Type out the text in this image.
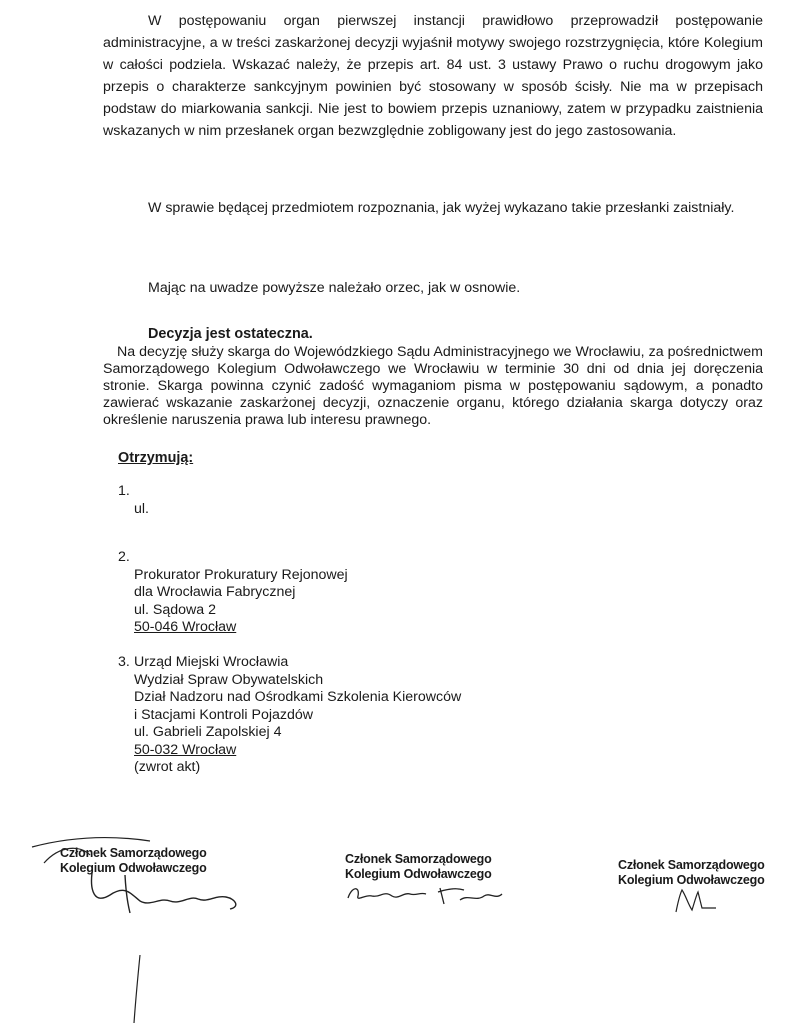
W postępowaniu organ pierwszej instancji prawidłowo przeprowadził postępowanie administracyjne, a w treści zaskarżonej decyzji wyjaśnił motywy swojego rozstrzygnięcia, które Kolegium w całości podziela. Wskazać należy, że przepis art. 84 ust. 3 ustawy Prawo o ruchu drogowym jako przepis o charakterze sankcyjnym powinien być stosowany w sposób ścisły. Nie ma w przepisach podstaw do miarkowania sankcji. Nie jest to bowiem przepis uznaniowy, zatem w przypadku zaistnienia wskazanych w nim przesłanek organ bezwzględnie zobligowany jest do jego zastosowania.

W sprawie będącej przedmiotem rozpoznania, jak wyżej wykazano takie przesłanki zaistniały.

Mając na uwadze powyższe należało orzec, jak w osnowie.

Decyzja jest ostateczna.

Na decyzję służy skarga do Wojewódzkiego Sądu Administracyjnego we Wrocławiu, za pośrednictwem Samorządowego Kolegium Odwoławczego we Wrocławiu w terminie 30 dni od dnia jej doręczenia stronie. Skarga powinna czynić zadość wymaganiom pisma w postępowaniu sądowym, a ponadto zawierać wskazanie zaskarżonej decyzji, oznaczenie organu, którego działania skarga dotyczy oraz określenie naruszenia prawa lub interesu prawnego.

Otrzymują:

1.
ul.
2.
Prokurator Prokuratury Rejonowej
dla Wrocławia Fabrycznej
ul. Sądowa 2
50-046 Wrocław
3. Urząd Miejski Wrocławia
Wydział Spraw Obywatelskich
Dział Nadzoru nad Ośrodkami Szkolenia Kierowców
i Stacjami Kontroli Pojazdów
ul. Gabrieli Zapolskiej 4
50-032 Wrocław
(zwrot akt)
Członek Samorządowego
Kolegium Odwoławczego
Członek Samorządowego
Kolegium Odwoławczego
Członek Samorządowego
Kolegium Odwoławczego
